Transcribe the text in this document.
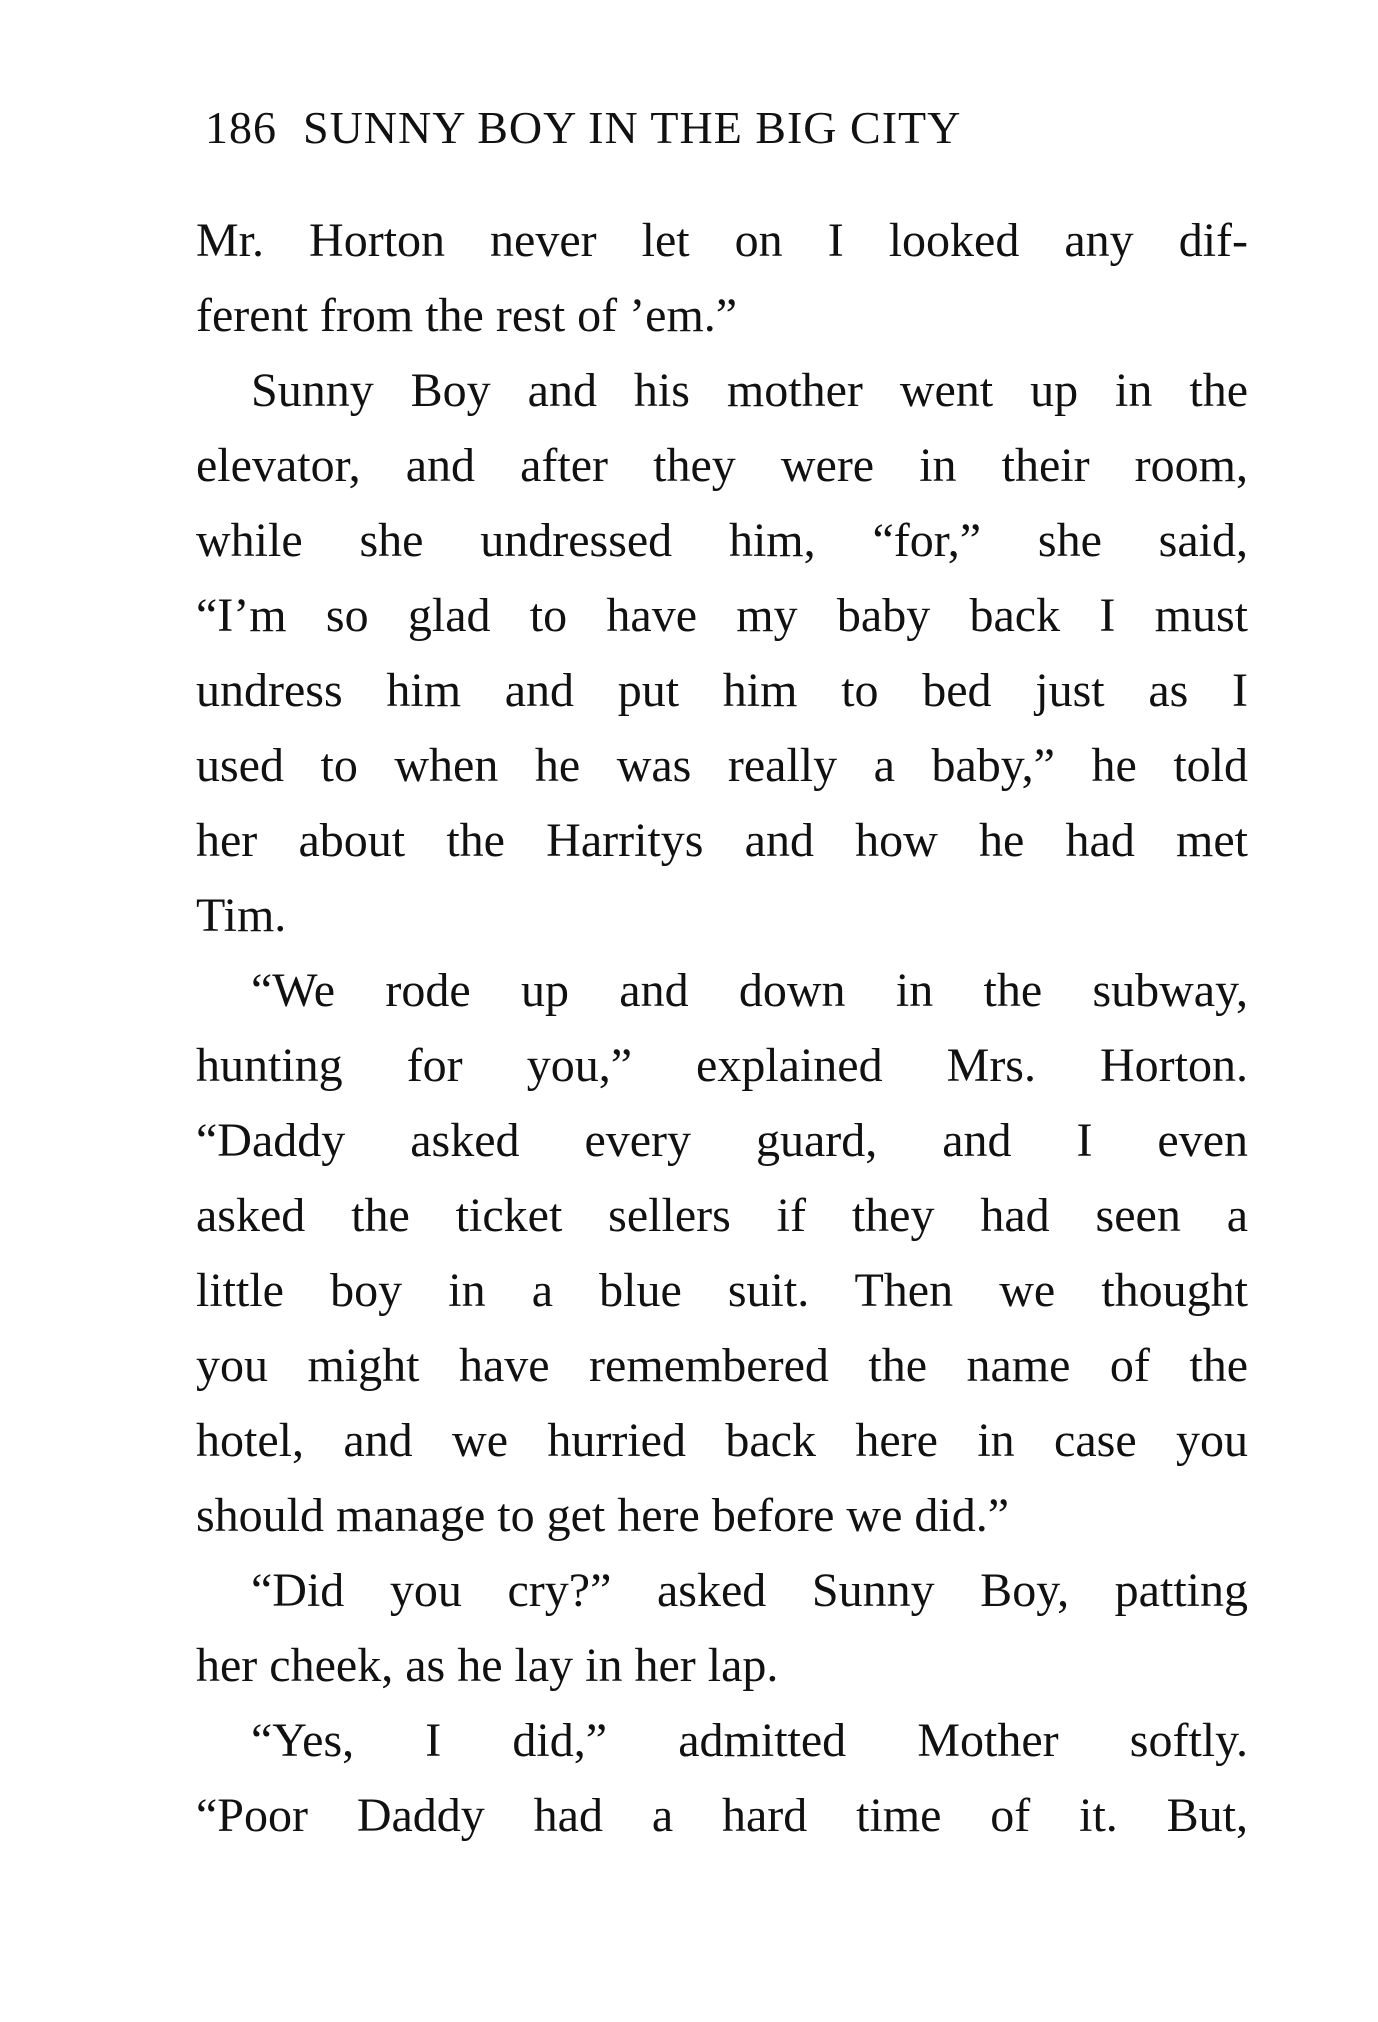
186 SUNNY BOY IN THE BIG CITY
Mr. Horton never let on I looked any dif-
ferent from the rest of ’em.”
Sunny Boy and his mother went up in the
elevator, and after they were in their room,
while she undressed him, “for,” she said,
“I’m so glad to have my baby back I must
undress him and put him to bed just as I
used to when he was really a baby,” he told
her about the Harritys and how he had met
Tim.
“We rode up and down in the subway,
hunting for you,” explained Mrs. Horton.
“Daddy asked every guard, and I even
asked the ticket sellers if they had seen a
little boy in a blue suit. Then we thought
you might have remembered the name of the
hotel, and we hurried back here in case you
should manage to get here before we did.”
“Did you cry?” asked Sunny Boy, patting
her cheek, as he lay in her lap.
“Yes, I did,” admitted Mother softly.
“Poor Daddy had a hard time of it. But,
